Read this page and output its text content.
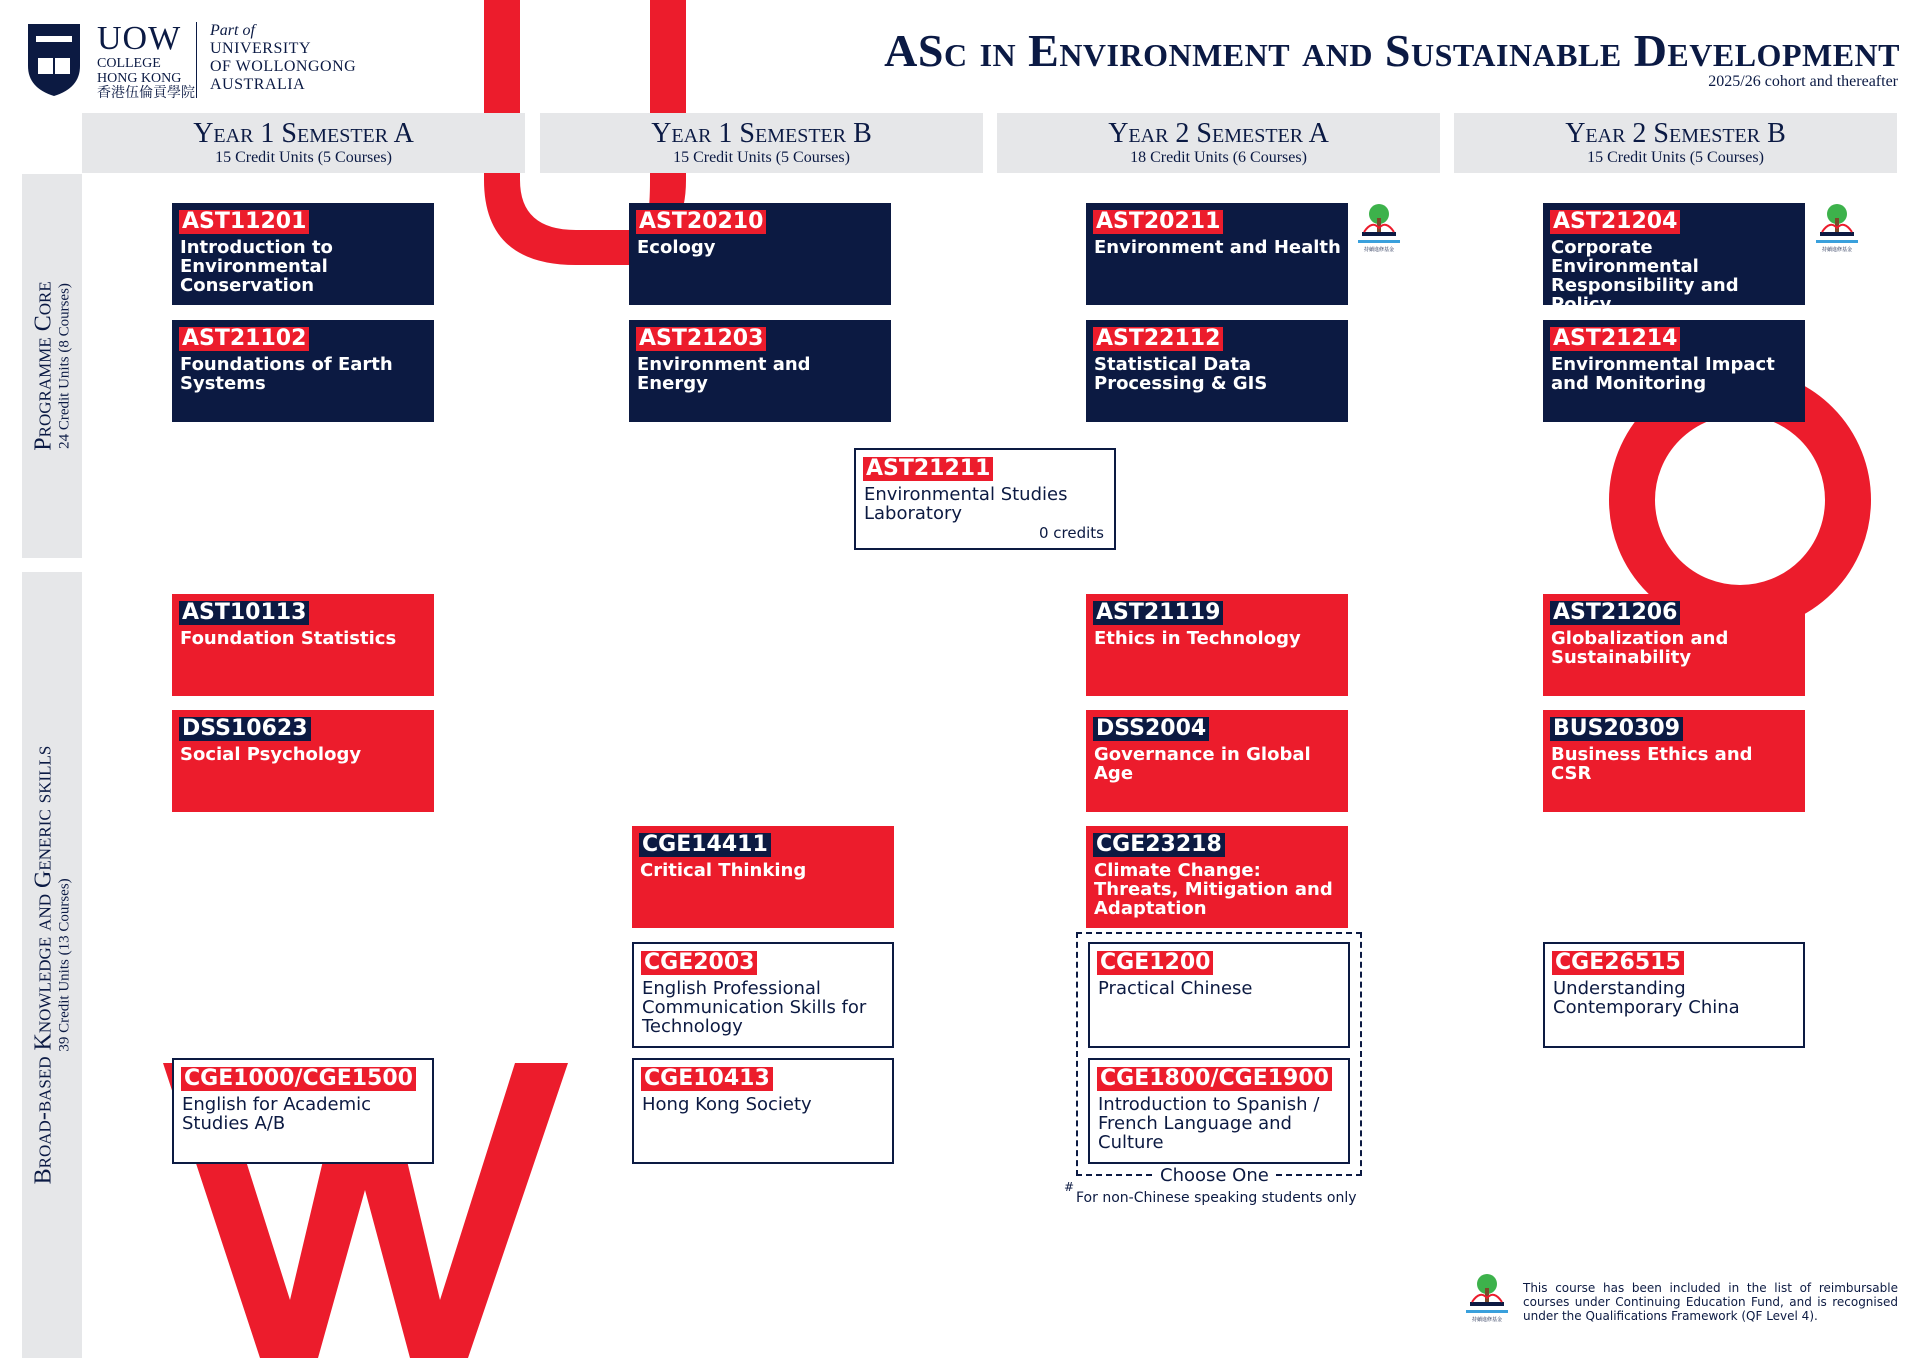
UOW
COLLEGE
HONG KONG
香港伍倫貢學院
Part of
UNIVERSITY
OF WOLLONGONG
AUSTRALIA
ASc in Environment and Sustainable Development
2025/26 cohort and thereafter
Year 1 Semester A
15 Credit Units (5 Courses)
Year 1 Semester B
15 Credit Units (5 Courses)
Year 2 Semester A
18 Credit Units (6 Courses)
Year 2 Semester B
15 Credit Units (5 Courses)
Programme Core 24 Credit Units (8 Courses)
Broad-based Knowledge and Generic skills 39 Credit Units (13 Courses)
AST11201
Introduction to Environmental Conservation
AST21102
Foundations of Earth Systems
AST20210
Ecology
AST21203
Environment and Energy
AST20211
Environment and Health
AST22112
Statistical Data Processing & GIS
AST21204
Corporate Environmental Responsibility and Policy
AST21214
Environmental Impact and Monitoring
AST21211
Environmental Studies Laboratory
0 credits
持續進修基金	持續進修基金
AST10113
Foundation Statistics
DSS10623
Social Psychology
AST21119
Ethics in Technology
DSS2004
Governance in Global Age
AST21206
Globalization and Sustainability
BUS20309
Business Ethics and CSR
CGE14411
Critical Thinking
CGE23218
Climate Change: Threats, Mitigation and Adaptation
CGE2003
English Professional Communication Skills for Technology
CGE1200
Practical Chinese
CGE26515
Understanding Contemporary China
CGE1000/CGE1500
English for Academic Studies A/B
CGE10413
Hong Kong Society
CGE1800/CGE1900
Introduction to Spanish / French Language and Culture
Choose One
#
For non-Chinese speaking students only
持續進修基金
This course has been included in the list of reimbursable courses under Continuing Education Fund, and is recognised under the Qualifications Framework (QF Level 4).
